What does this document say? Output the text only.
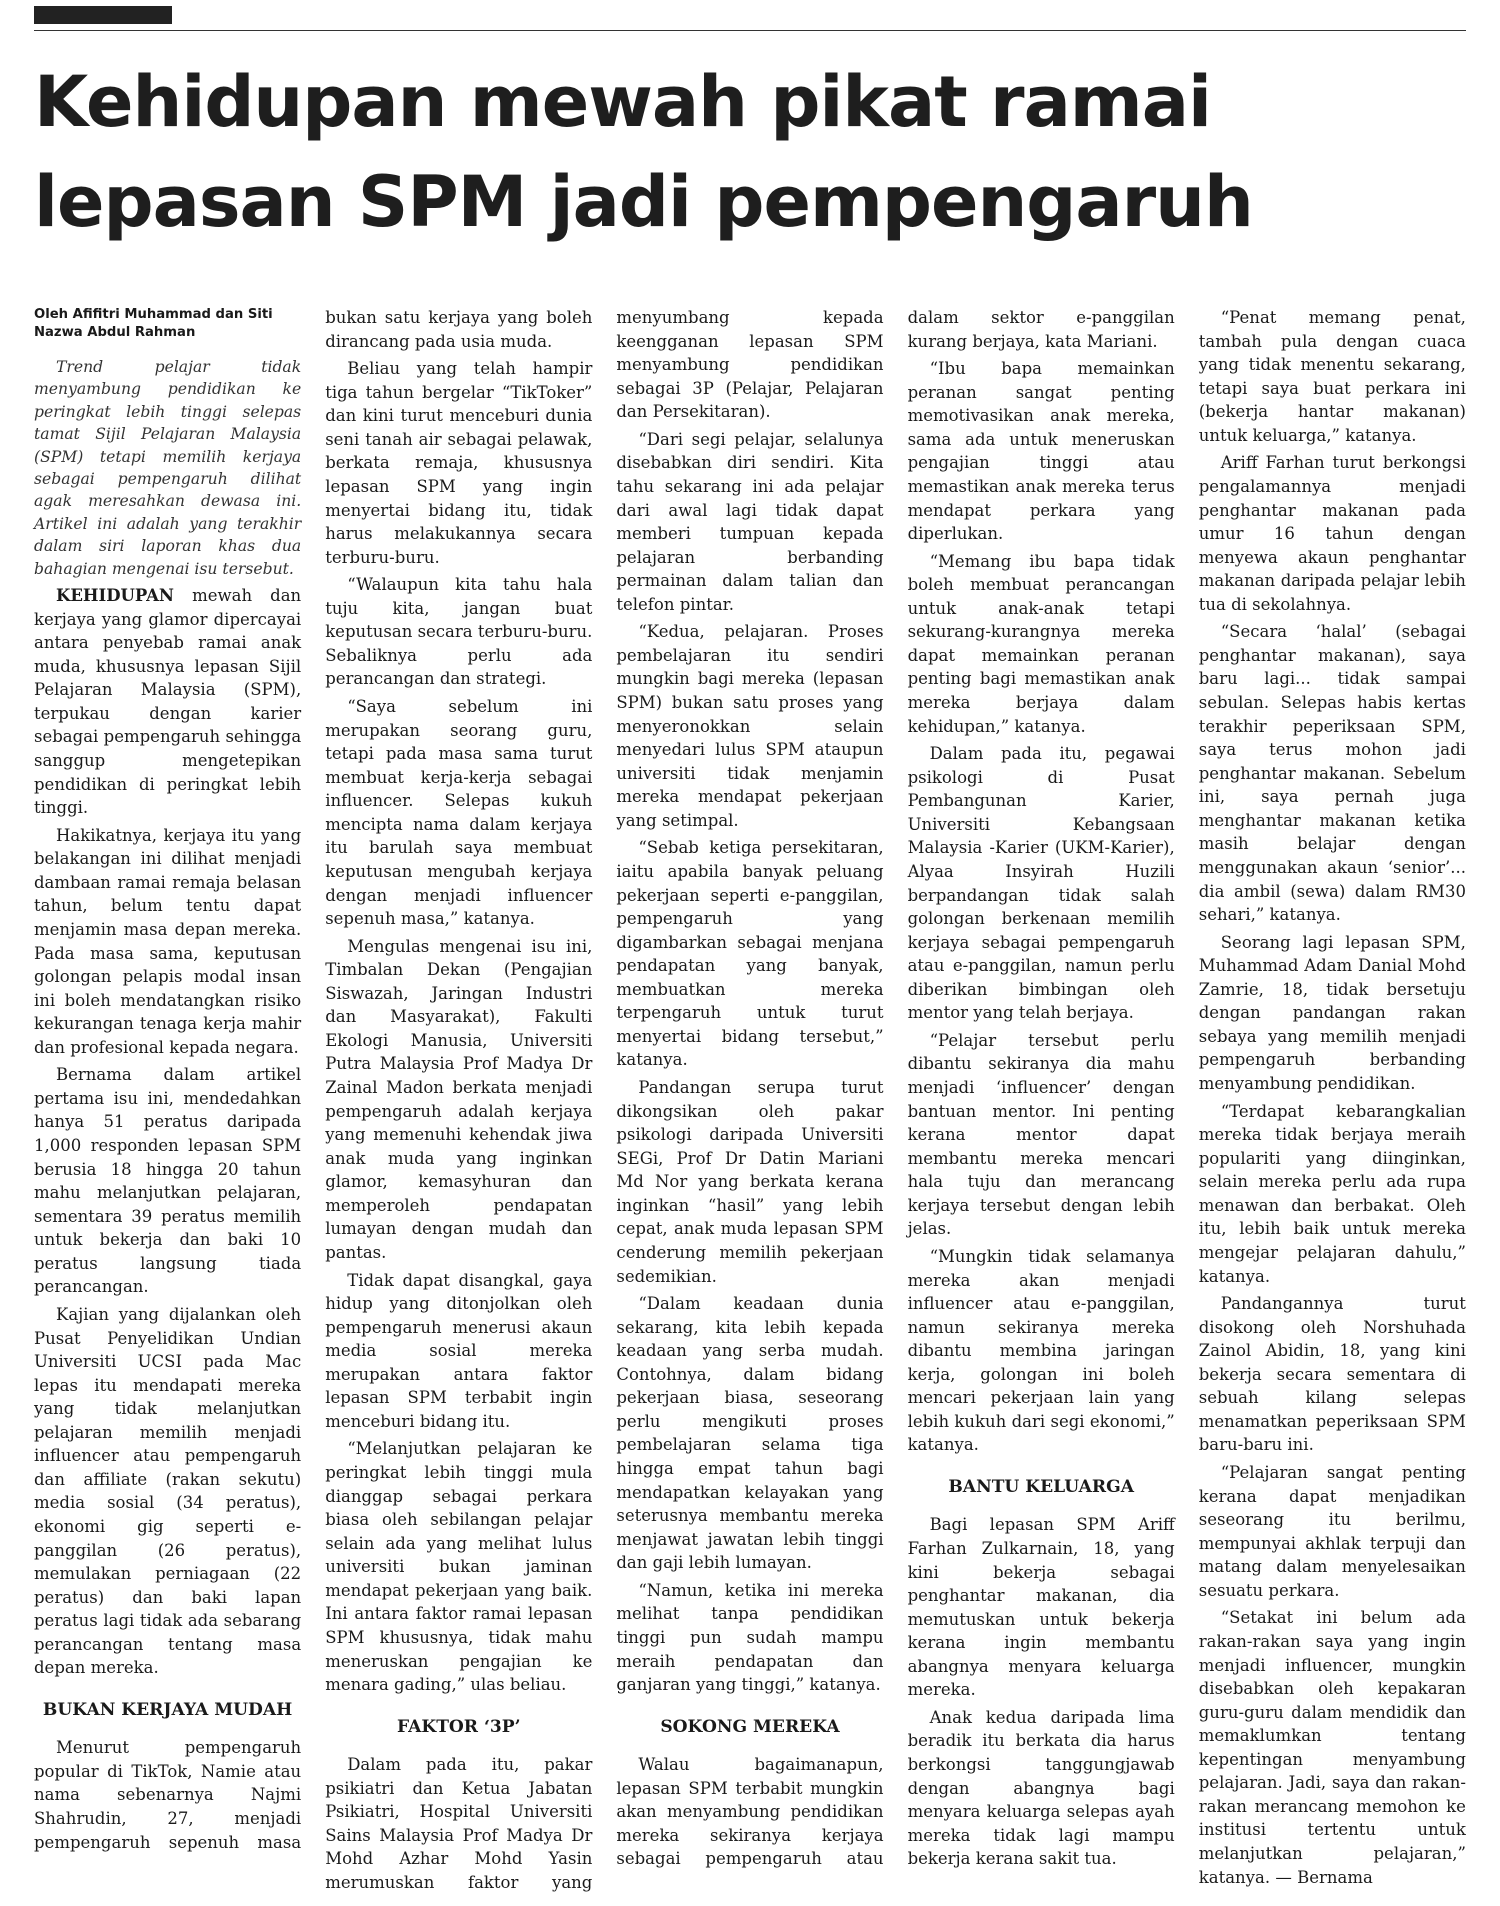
Kehidupan mewah pikat ramai
lepasan SPM jadi pempengaruh
Oleh Afifitri Muhammad dan Siti Nazwa Abdul Rahman

Trend pelajar tidak menyambung pendidikan ke peringkat lebih tinggi selepas tamat Sijil Pelajaran Malaysia (SPM) tetapi memilih kerjaya sebagai pempengaruh dilihat agak meresahkan dewasa ini. Artikel ini adalah yang terakhir dalam siri laporan khas dua bahagian mengenai isu tersebut.

KEHIDUPAN mewah dan kerjaya yang glamor dipercayai antara penyebab ramai anak muda, khususnya lepasan Sijil Pelajaran Malaysia (SPM), terpukau dengan karier sebagai pempengaruh sehingga sanggup mengetepikan pendidikan di peringkat lebih tinggi.

Hakikatnya, kerjaya itu yang belakangan ini dilihat menjadi dambaan ramai remaja belasan tahun, belum tentu dapat menjamin masa depan mereka. Pada masa sama, keputusan golongan pelapis modal insan ini boleh mendatangkan risiko kekurangan tenaga kerja mahir dan profesional kepada negara.

Bernama dalam artikel pertama isu ini, mendedahkan hanya 51 peratus daripada 1,000 responden lepasan SPM berusia 18 hingga 20 tahun mahu melanjutkan pelajaran, sementara 39 peratus memilih untuk bekerja dan baki 10 peratus langsung tiada perancangan.

Kajian yang dijalankan oleh Pusat Penyelidikan Undian Universiti UCSI pada Mac lepas itu mendapati mereka yang tidak melanjutkan pelajaran memilih menjadi influencer atau pempengaruh dan affiliate (rakan sekutu) media sosial (34 peratus), ekonomi gig seperti e-panggilan (26 peratus), memulakan perniagaan (22 peratus) dan baki lapan peratus lagi tidak ada sebarang perancangan tentang masa depan mereka.

BUKAN KERJAYA MUDAH

Menurut pempengaruh popular di TikTok, Namie atau nama sebenarnya Najmi Shahrudin, 27, menjadi pempengaruh sepenuh masa bukan satu kerjaya yang boleh dirancang pada usia muda.

Beliau yang telah hampir tiga tahun bergelar “TikToker” dan kini turut menceburi dunia seni tanah air sebagai pelawak, berkata remaja, khususnya lepasan SPM yang ingin menyertai bidang itu, tidak harus melakukannya secara terburu-buru.

“Walaupun kita tahu hala tuju kita, jangan buat keputusan secara terburu-buru. Sebaliknya perlu ada perancangan dan strategi.

“Saya sebelum ini merupakan seorang guru, tetapi pada masa sama turut membuat kerja-kerja sebagai influencer. Selepas kukuh mencipta nama dalam kerjaya itu barulah saya membuat keputusan mengubah kerjaya dengan menjadi influencer sepenuh masa,” katanya.

Mengulas mengenai isu ini, Timbalan Dekan (Pengajian Siswazah, Jaringan Industri dan Masyarakat), Fakulti Ekologi Manusia, Universiti Putra Malaysia Prof Madya Dr Zainal Madon berkata menjadi pempengaruh adalah kerjaya yang memenuhi kehendak jiwa anak muda yang inginkan glamor, kemasyhuran dan memperoleh pendapatan lumayan dengan mudah dan pantas.

Tidak dapat disangkal, gaya hidup yang ditonjolkan oleh pempengaruh menerusi akaun media sosial mereka merupakan antara faktor lepasan SPM terbabit ingin menceburi bidang itu.

“Melanjutkan pelajaran ke peringkat lebih tinggi mula dianggap sebagai perkara biasa oleh sebilangan pelajar selain ada yang melihat lulus universiti bukan jaminan mendapat pekerjaan yang baik. Ini antara faktor ramai lepasan SPM khususnya, tidak mahu meneruskan pengajian ke menara gading,” ulas beliau.

FAKTOR ‘3P’

Dalam pada itu, pakar psikiatri dan Ketua Jabatan Psikiatri, Hospital Universiti Sains Malaysia Prof Madya Dr Mohd Azhar Mohd Yasin merumuskan faktor yang menyumbang kepada keengganan lepasan SPM menyambung pendidikan sebagai 3P (Pelajar, Pelajaran dan Persekitaran).

“Dari segi pelajar, selalunya disebabkan diri sendiri. Kita tahu sekarang ini ada pelajar dari awal lagi tidak dapat memberi tumpuan kepada pelajaran berbanding permainan dalam talian dan telefon pintar.

“Kedua, pelajaran. Proses pembelajaran itu sendiri mungkin bagi mereka (lepasan SPM) bukan satu proses yang menyeronokkan selain menyedari lulus SPM ataupun universiti tidak menjamin mereka mendapat pekerjaan yang setimpal.

“Sebab ketiga persekitaran, iaitu apabila banyak peluang pekerjaan seperti e-panggilan, pempengaruh yang digambarkan sebagai menjana pendapatan yang banyak, membuatkan mereka terpengaruh untuk turut menyertai bidang tersebut,” katanya.

Pandangan serupa turut dikongsikan oleh pakar psikologi daripada Universiti SEGi, Prof Dr Datin Mariani Md Nor yang berkata kerana inginkan “hasil” yang lebih cepat, anak muda lepasan SPM cenderung memilih pekerjaan sedemikian.

“Dalam keadaan dunia sekarang, kita lebih kepada keadaan yang serba mudah. Contohnya, dalam bidang pekerjaan biasa, seseorang perlu mengikuti proses pembelajaran selama tiga hingga empat tahun bagi mendapatkan kelayakan yang seterusnya membantu mereka menjawat jawatan lebih tinggi dan gaji lebih lumayan.

“Namun, ketika ini mereka melihat tanpa pendidikan tinggi pun sudah mampu meraih pendapatan dan ganjaran yang tinggi,” katanya.

SOKONG MEREKA

Walau bagaimanapun, lepasan SPM terbabit mungkin akan menyambung pendidikan mereka sekiranya kerjaya sebagai pempengaruh atau dalam sektor e-panggilan kurang berjaya, kata Mariani.

“Ibu bapa memainkan peranan sangat penting memotivasikan anak mereka, sama ada untuk meneruskan pengajian tinggi atau memastikan anak mereka terus mendapat perkara yang diperlukan.

“Memang ibu bapa tidak boleh membuat perancangan untuk anak-anak tetapi sekurang-kurangnya mereka dapat memainkan peranan penting bagi memastikan anak mereka berjaya dalam kehidupan,” katanya.

Dalam pada itu, pegawai psikologi di Pusat Pembangunan Karier, Universiti Kebangsaan Malaysia -Karier (UKM-Karier), Alyaa Insyirah Huzili berpandangan tidak salah golongan berkenaan memilih kerjaya sebagai pempengaruh atau e-panggilan, namun perlu diberikan bimbingan oleh mentor yang telah berjaya.

“Pelajar tersebut perlu dibantu sekiranya dia mahu menjadi ‘influencer’ dengan bantuan mentor. Ini penting kerana mentor dapat membantu mereka mencari hala tuju dan merancang kerjaya tersebut dengan lebih jelas.

“Mungkin tidak selamanya mereka akan menjadi influencer atau e-panggilan, namun sekiranya mereka dibantu membina jaringan kerja, golongan ini boleh mencari pekerjaan lain yang lebih kukuh dari segi ekonomi,” katanya.

BANTU KELUARGA

Bagi lepasan SPM Ariff Farhan Zulkarnain, 18, yang kini bekerja sebagai penghantar makanan, dia memutuskan untuk bekerja kerana ingin membantu abangnya menyara keluarga mereka.

Anak kedua daripada lima beradik itu berkata dia harus berkongsi tanggungjawab dengan abangnya bagi menyara keluarga selepas ayah mereka tidak lagi mampu bekerja kerana sakit tua.

“Penat memang penat, tambah pula dengan cuaca yang tidak menentu sekarang, tetapi saya buat perkara ini (bekerja hantar makanan) untuk keluarga,” katanya.

Ariff Farhan turut berkongsi pengalamannya menjadi penghantar makanan pada umur 16 tahun dengan menyewa akaun penghantar makanan daripada pelajar lebih tua di sekolahnya.

“Secara ‘halal’ (sebagai penghantar makanan), saya baru lagi... tidak sampai sebulan. Selepas habis kertas terakhir peperiksaan SPM, saya terus mohon jadi penghantar makanan. Sebelum ini, saya pernah juga menghantar makanan ketika masih belajar dengan menggunakan akaun ‘senior’... dia ambil (sewa) dalam RM30 sehari,” katanya.

Seorang lagi lepasan SPM, Muhammad Adam Danial Mohd Zamrie, 18, tidak bersetuju dengan pandangan rakan sebaya yang memilih menjadi pempengaruh berbanding menyambung pendidikan.

“Terdapat kebarangkalian mereka tidak berjaya meraih populariti yang diinginkan, selain mereka perlu ada rupa menawan dan berbakat. Oleh itu, lebih baik untuk mereka mengejar pelajaran dahulu,” katanya.

Pandangannya turut disokong oleh Norshuhada Zainol Abidin, 18, yang kini bekerja secara sementara di sebuah kilang selepas menamatkan peperiksaan SPM baru-baru ini.

“Pelajaran sangat penting kerana dapat menjadikan seseorang itu berilmu, mempunyai akhlak terpuji dan matang dalam menyelesaikan sesuatu perkara.

“Setakat ini belum ada rakan-rakan saya yang ingin menjadi influencer, mungkin disebabkan oleh kepakaran guru-guru dalam mendidik dan memaklumkan tentang kepentingan menyambung pelajaran. Jadi, saya dan rakan-rakan merancang memohon ke institusi tertentu untuk melanjutkan pelajaran,” katanya. — Bernama
